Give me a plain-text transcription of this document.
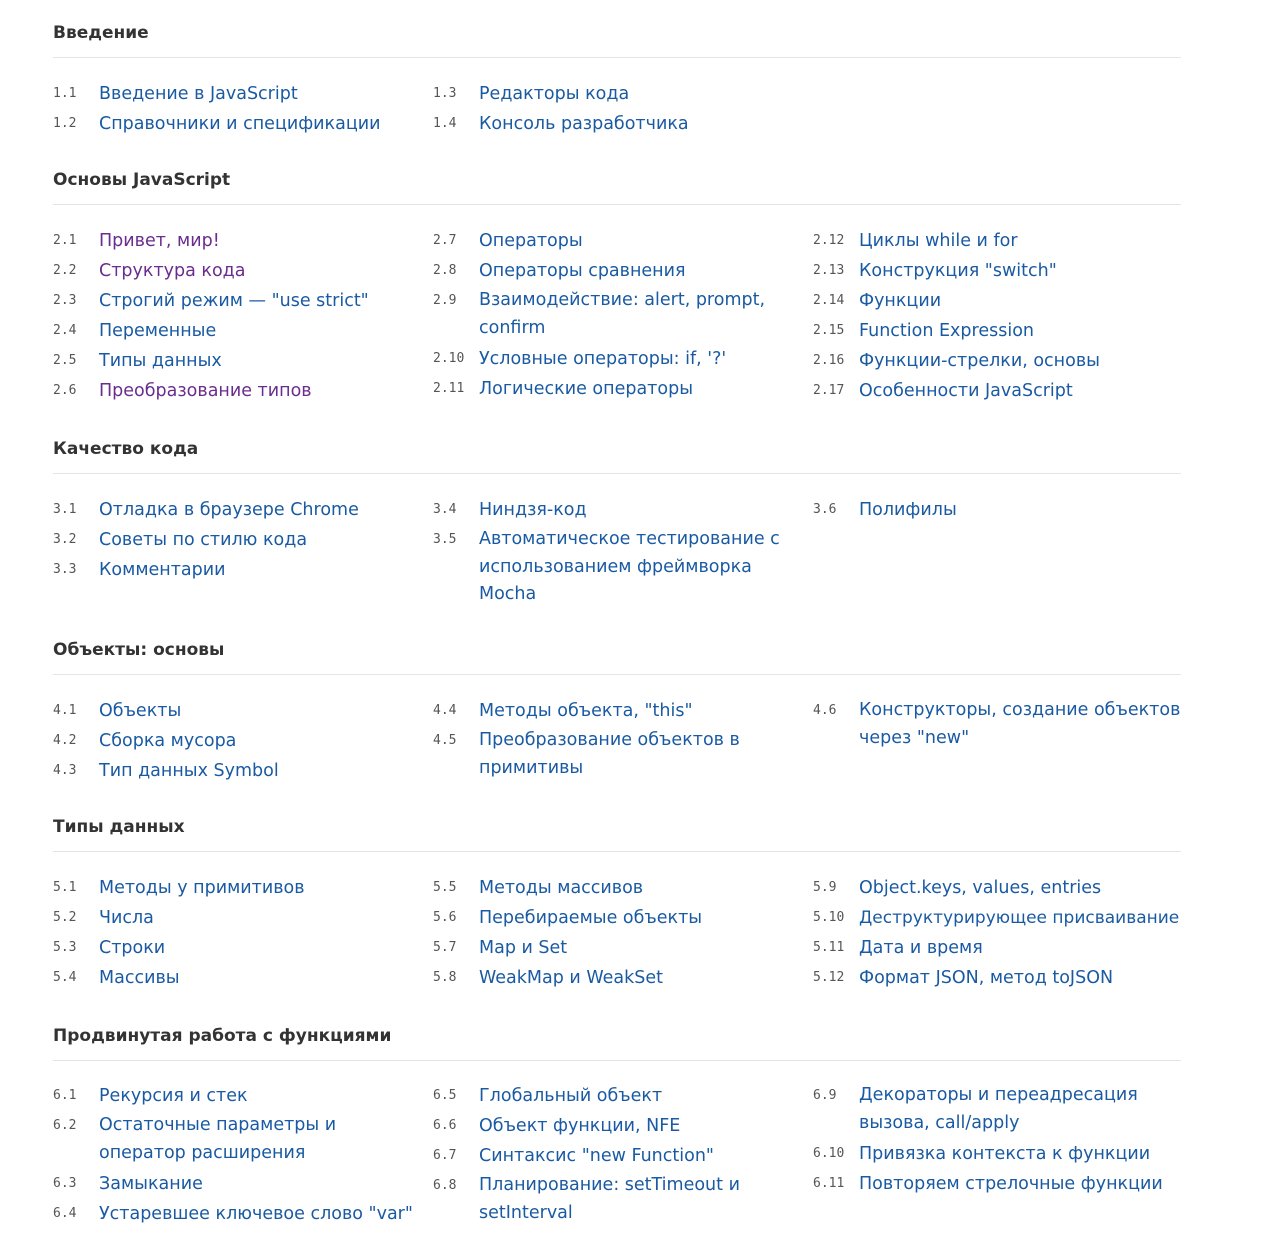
Введение
1.1	Введение в JavaScript
1.2	Справочники и спецификации
1.3	Редакторы кода
1.4	Консоль разработчика
Основы JavaScript
2.1	Привет, мир!
2.2	Структура кода
2.3	Строгий режим — "use strict"
2.4	Переменные
2.5	Типы данных
2.6	Преобразование типов
2.7	Операторы
2.8	Операторы сравнения
2.9	Взаимодействие: alert, prompt, confirm
2.10 Условные операторы: if, '?'
2.11 Логические операторы
2.12 Циклы while и for
2.13 Конструкция "switch"
2.14 Функции
2.15 Function Expression
2.16 Функции-стрелки, основы
2.17 Особенности JavaScript
Качество кода
3.1	Отладка в браузере Chrome
3.2	Советы по стилю кода
3.3	Комментарии
3.4	Ниндзя-код
3.5	Автоматическое тестирование с использованием фреймворка Mocha
3.6	Полифилы
Объекты: основы
4.1	Объекты
4.2	Сборка мусора
4.3	Тип данных Symbol
4.4	Методы объекта, "this"
4.5	Преобразование объектов в примитивы
4.6	Конструкторы, создание объектов через "new"
Типы данных
5.1	Методы у примитивов
5.2	Числа
5.3	Строки
5.4	Массивы
5.5	Методы массивов
5.6	Перебираемые объекты
5.7	Map и Set
5.8	WeakMap и WeakSet
5.9	Object.keys, values, entries
5.10 Деструктурирующее присваивание
5.11 Дата и время
5.12 Формат JSON, метод toJSON
Продвинутая работа с функциями
6.1	Рекурсия и стек
6.2	Остаточные параметры и оператор расширения
6.3	Замыкание
6.4	Устаревшее ключевое слово "var"
6.5	Глобальный объект
6.6	Объект функции, NFE
6.7	Синтаксис "new Function"
6.8	Планирование: setTimeout и setInterval
6.9	Декораторы и переадресация вызова, call/apply
6.10 Привязка контекста к функции
6.11 Повторяем стрелочные функции
